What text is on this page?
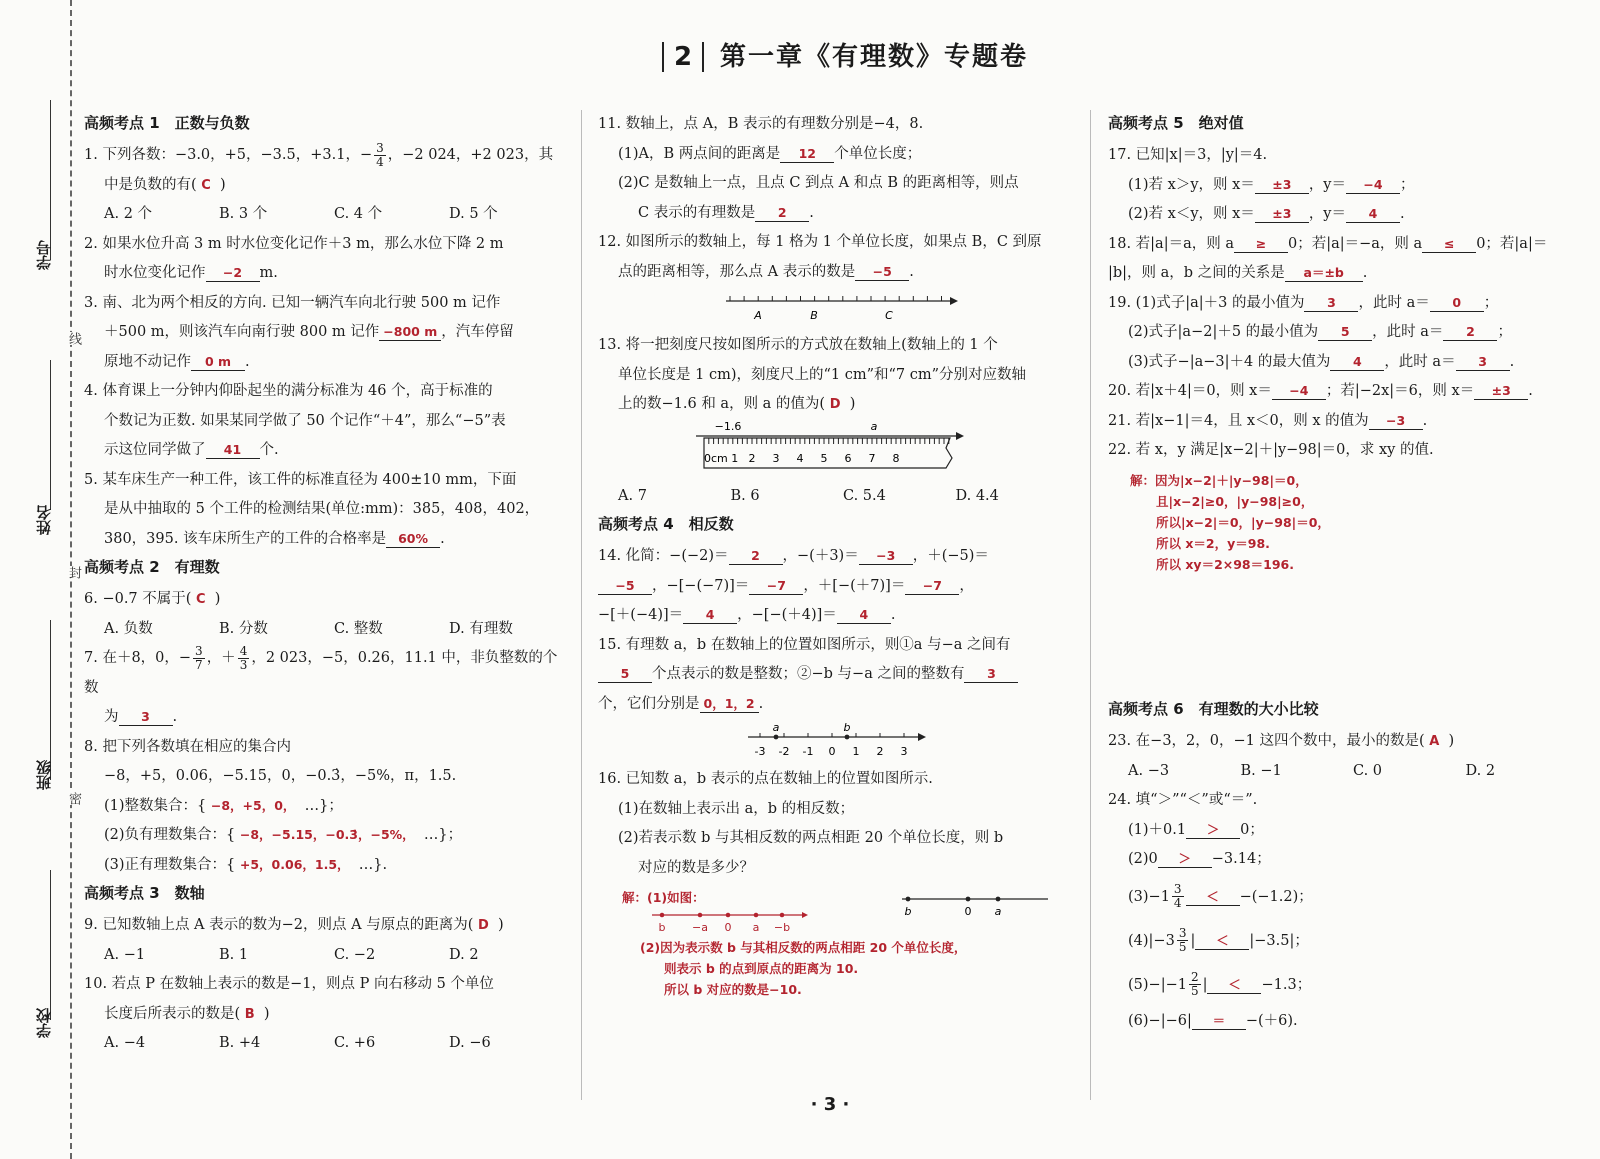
学号
线
姓名
封
班级
密
学校
2 第一章《有理数》专题卷
高频考点 1　正数与负数

1. 下列各数：−3.0，+5，−3.5，+3.1，− $\frac{3}{4}$ ，−2 024，+2 023，其

中是负数的有( C )

A. 2 个	B. 3 个	C. 4 个	D. 5 个

2. 如果水位升高 3 m 时水位变化记作＋3 m，那么水位下降 2 m

时水位变化记作 −2 m.

3. 南、北为两个相反的方向. 已知一辆汽车向北行驶 500 m 记作

＋500 m，则该汽车向南行驶 800 m 记作 −800 m ，汽车停留

原地不动记作 0 m .

4. 体育课上一分钟内仰卧起坐的满分标准为 46 个，高于标准的

个数记为正数. 如果某同学做了 50 个记作“＋4”，那么“−5”表

示这位同学做了 41 个.

5. 某车床生产一种工件，该工件的标准直径为 400±10 mm，下面

是从中抽取的 5 个工件的检测结果(单位:mm)：385，408，402，

380，395. 该车床所生产的工件的合格率是 60% .

高频考点 2　有理数

6. −0.7 不属于( C )

A. 负数	B. 分数	C. 整数	D. 有理数

7. 在＋8，0，− $\frac{3}{7}$ ，＋ $\frac{4}{3}$ ，2 023，−5，0.26，11.1 中，非负整数的个数

为 3 .

8. 把下列各数填在相应的集合内

−8，+5，0.06，−5.15，0，−0.3̇，−5%，π，1.5.

(1)整数集合：{ −8，+5，0， …}；

(2)负有理数集合：{ −8，−5.15，−0.3̇，−5%， …}；

(3)正有理数集合：{ +5，0.06，1.5， …}.

高频考点 3　数轴

9. 已知数轴上点 A 表示的数为−2，则点 A 与原点的距离为( D )

A. −1	B. 1	C. −2	D. 2

10. 若点 P 在数轴上表示的数是−1，则点 P 向右移动 5 个单位

长度后所表示的数是( B )

A. −4	B. +4	C. +6	D. −6

11. 数轴上，点 A，B 表示的有理数分别是−4，8.

(1)A，B 两点间的距离是 12 个单位长度；

(2)C 是数轴上一点，且点 C 到点 A 和点 B 的距离相等，则点

C 表示的有理数是 2 .

12. 如图所示的数轴上，每 1 格为 1 个单位长度，如果点 B，C 到原

点的距离相等，那么点 A 表示的数是 −5 .

A	B	C

13. 将一把刻度尺按如图所示的方式放在数轴上(数轴上的 1 个

单位长度是 1 cm)，刻度尺上的“1 cm”和“7 cm”分别对应数轴

上的数−1.6 和 a，则 a 的值为( D )

−1.6	a
0cm 1 2 3 4 5 6 7 8
A. 7	B. 6	C. 5.4	D. 4.4
高频考点 4　相反数

14. 化简：−(−2)＝ 2 ，−(＋3)＝ −3 ，＋(−5)＝

−5 ，−[−(−7)]＝ −7 ，＋[−(＋7)]＝ −7 ，

−[＋(−4)]＝ 4 ，−[−(＋4)]＝ 4 .

15. 有理数 a，b 在数轴上的位置如图所示，则①a 与−a 之间有

5 个点表示的数是整数；②−b 与−a 之间的整数有 3

个，它们分别是 0，1，2 .

a	b
-3 -2 -1 0 1 2 3

16. 已知数 a，b 表示的点在数轴上的位置如图所示.

(1)在数轴上表示出 a，b 的相反数；

(2)若表示数 b 与其相反数的两点相距 20 个单位长度，则 b

对应的数是多少？

解：(1)如图：
b	0 a
b −a 0 a −b
(2)因为表示数 b 与其相反数的两点相距 20 个单位长度，
则表示 b 的点到原点的距离为 10.
所以 b 对应的数是−10.
高频考点 5　绝对值

17. 已知|x|＝3，|y|＝4.

(1)若 x＞y，则 x＝ ±3 ，y＝ −4 ；

(2)若 x＜y，则 x＝ ±3 ，y＝ 4 .

18. 若|a|＝a，则 a ≥ 0；若|a|＝−a，则 a ≤ 0；若|a|＝

|b|，则 a，b 之间的关系是 a＝±b .

19. (1)式子|a|＋3 的最小值为 3 ，此时 a＝ 0 ；

(2)式子|a−2|＋5 的最小值为 5 ，此时 a＝ 2 ；

(3)式子−|a−3|＋4 的最大值为 4 ，此时 a＝ 3 .

20. 若|x＋4|＝0，则 x＝ −4 ；若|−2x|＝6，则 x＝ ±3 .

21. 若|x−1|＝4，且 x＜0，则 x 的值为 −3 .

22. 若 x，y 满足|x−2|＋|y−98|＝0，求 xy 的值.

解：因为|x−2|＋|y−98|＝0，
且|x−2|≥0，|y−98|≥0，
所以|x−2|＝0，|y−98|＝0，
所以 x＝2，y＝98.
所以 xy＝2×98＝196.
高频考点 6　有理数的大小比较

23. 在−3，2，0，−1 这四个数中，最小的数是( A )

A. −3	B. −1	C. 0	D. 2

24. 填“＞”“＜”或“＝”.

(1)＋0.1 ＞ 0；

(2)0 ＞ −3.14；

$(3)-1 \frac{3}{4} < -(-1.2)$；

$(4)|-3 \frac{3}{5}$ | ＜ |−3.5|；

$(5)-|-1 \frac{2}{5}$ | ＜ −1.3；

(6)−|−6| ＝ −(＋6).

· 3 ·
